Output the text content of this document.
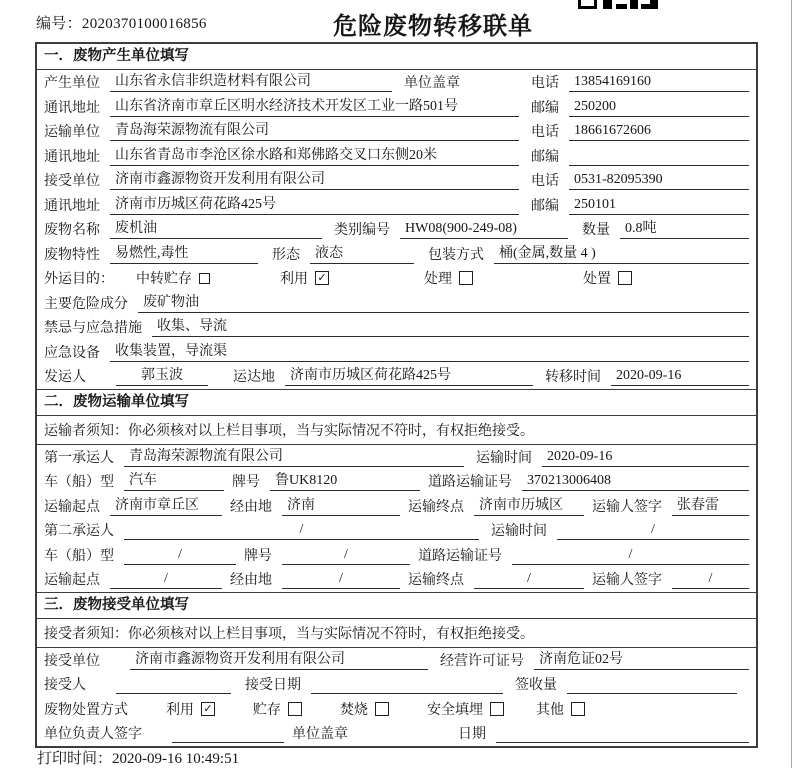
编号：2020370100016856	危险废物转移联单
一．废物产生单位填写
产生单位	山东省永信非织造材料有限公司	单位盖章	电话	13854169160
通讯地址	山东省济南市章丘区明水经济技术开发区工业一路501号	邮编	250200
运输单位	青岛海荣源物流有限公司	电话	18661672606
通讯地址	山东省青岛市李沧区徐水路和郑佛路交叉口东侧20米	邮编
接受单位	济南市鑫源物资开发利用有限公司	电话	0531-82095390
通讯地址	济南市历城区荷花路425号	邮编	250101
废物名称	废机油	类别编号	HW08(900-249-08)	数量	0.8吨
废物特性	易燃性,毒性	形态	液态	包装方式	桶(金属,数量 4 )
外运目的： 中转贮存	利用 ✓	处理	处置
主要危险成分	废矿物油
禁忌与应急措施	收集、导流
应急设备	收集装置，导流渠
发运人	郭玉波	运达地	济南市历城区荷花路425号	转移时间	2020-09-16
二．废物运输单位填写
运输者须知：你必须核对以上栏目事项，当与实际情况不符时，有权拒绝接受。
第一承运人	青岛海荣源物流有限公司	运输时间	2020-09-16
车（船）型	汽车	牌号	鲁UK8120	道路运输证号	370213006408
运输起点	济南市章丘区	经由地	济南	运输终点	济南市历城区	运输人签字	张春雷
第二承运人	/	运输时间	/
车（船）型	/	牌号	/	道路运输证号	/
运输起点	/	经由地	/	运输终点	/	运输人签字	/
三．废物接受单位填写
接受者须知：你必须核对以上栏目事项，当与实际情况不符时，有权拒绝接受。
接受单位	济南市鑫源物资开发利用有限公司	经营许可证号	济南危证02号
接受人	接受日期	签收量
废物处置方式	利用 ✓	贮存	焚烧	安全填埋	其他
单位负责人签字	单位盖章	日期
打印时间：2020-09-16 10:49:51
